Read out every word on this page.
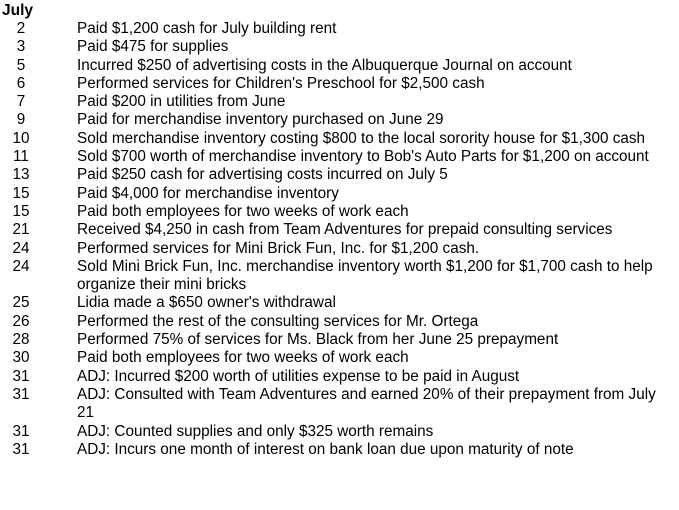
July
2	Paid $1,200 cash for July building rent
3	Paid $475 for supplies
5	Incurred $250 of advertising costs in the Albuquerque Journal on account
6	Performed services for Children's Preschool for $2,500 cash
7	Paid $200 in utilities from June
9	Paid for merchandise inventory purchased on June 29
10	Sold merchandise inventory costing $800 to the local sorority house for $1,300 cash
11	Sold $700 worth of merchandise inventory to Bob's Auto Parts for $1,200 on account
13	Paid $250 cash for advertising costs incurred on July 5
15	Paid $4,000 for merchandise inventory
15	Paid both employees for two weeks of work each
21	Received $4,250 in cash from Team Adventures for prepaid consulting services
24	Performed services for Mini Brick Fun, Inc. for $1,200 cash.
24	Sold Mini Brick Fun, Inc. merchandise inventory worth $1,200 for $1,700 cash to help organize their mini bricks
25	Lidia made a $650 owner's withdrawal
26	Performed the rest of the consulting services for Mr. Ortega
28	Performed 75% of services for Ms. Black from her June 25 prepayment
30	Paid both employees for two weeks of work each
31	ADJ: Incurred $200 worth of utilities expense to be paid in August
31	ADJ: Consulted with Team Adventures and earned 20% of their prepayment from July 21
31	ADJ: Counted supplies and only $325 worth remains
31	ADJ: Incurs one month of interest on bank loan due upon maturity of note
